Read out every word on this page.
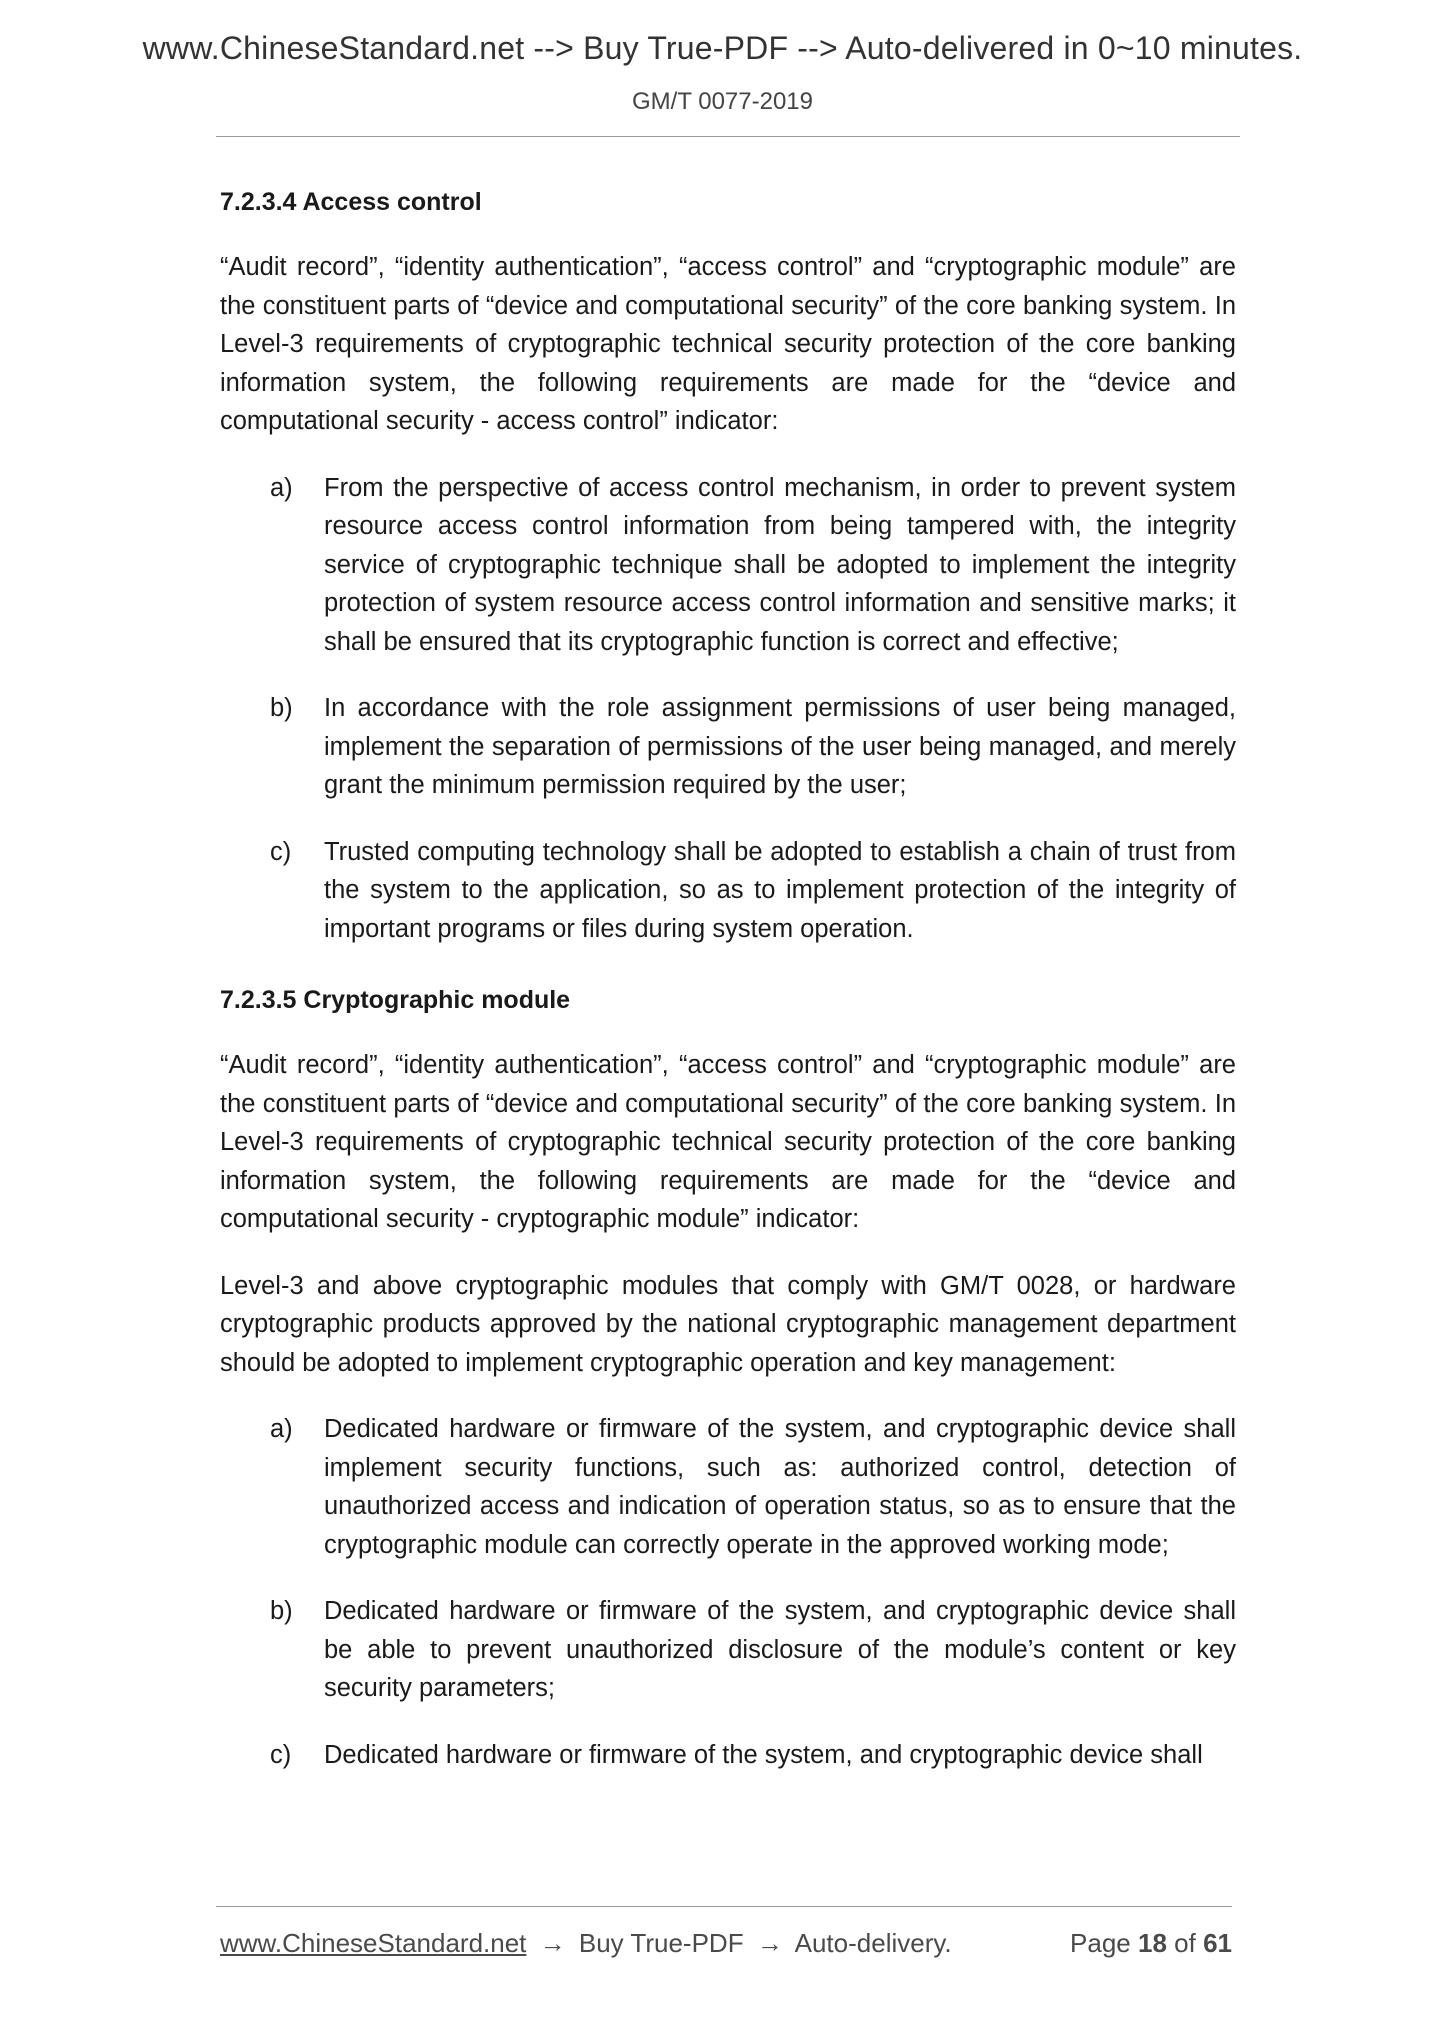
www.ChineseStandard.net --> Buy True-PDF --> Auto-delivered in 0~10 minutes.
GM/T 0077-2019
7.2.3.4 Access control

“Audit record”, “identity authentication”, “access control” and “cryptographic module” are the constituent parts of “device and computational security” of the core banking system. In Level-3 requirements of cryptographic technical security protection of the core banking information system, the following requirements are made for the “device and computational security - access control” indicator:

a) From the perspective of access control mechanism, in order to prevent system resource access control information from being tampered with, the integrity service of cryptographic technique shall be adopted to implement the integrity protection of system resource access control information and sensitive marks; it shall be ensured that its cryptographic function is correct and effective;
b) In accordance with the role assignment permissions of user being managed, implement the separation of permissions of the user being managed, and merely grant the minimum permission required by the user;
c) Trusted computing technology shall be adopted to establish a chain of trust from the system to the application, so as to implement protection of the integrity of important programs or files during system operation.
7.2.3.5 Cryptographic module

“Audit record”, “identity authentication”, “access control” and “cryptographic module” are the constituent parts of “device and computational security” of the core banking system. In Level-3 requirements of cryptographic technical security protection of the core banking information system, the following requirements are made for the “device and computational security - cryptographic module” indicator:

Level-3 and above cryptographic modules that comply with GM/T 0028, or hardware cryptographic products approved by the national cryptographic management department should be adopted to implement cryptographic operation and key management:

a) Dedicated hardware or firmware of the system, and cryptographic device shall implement security functions, such as: authorized control, detection of unauthorized access and indication of operation status, so as to ensure that the cryptographic module can correctly operate in the approved working mode;
b) Dedicated hardware or firmware of the system, and cryptographic device shall be able to prevent unauthorized disclosure of the module’s content or key security parameters;
c) Dedicated hardware or firmware of the system, and cryptographic device shall
www.ChineseStandard.net → Buy True-PDF → Auto-delivery.	Page 18 of 61
